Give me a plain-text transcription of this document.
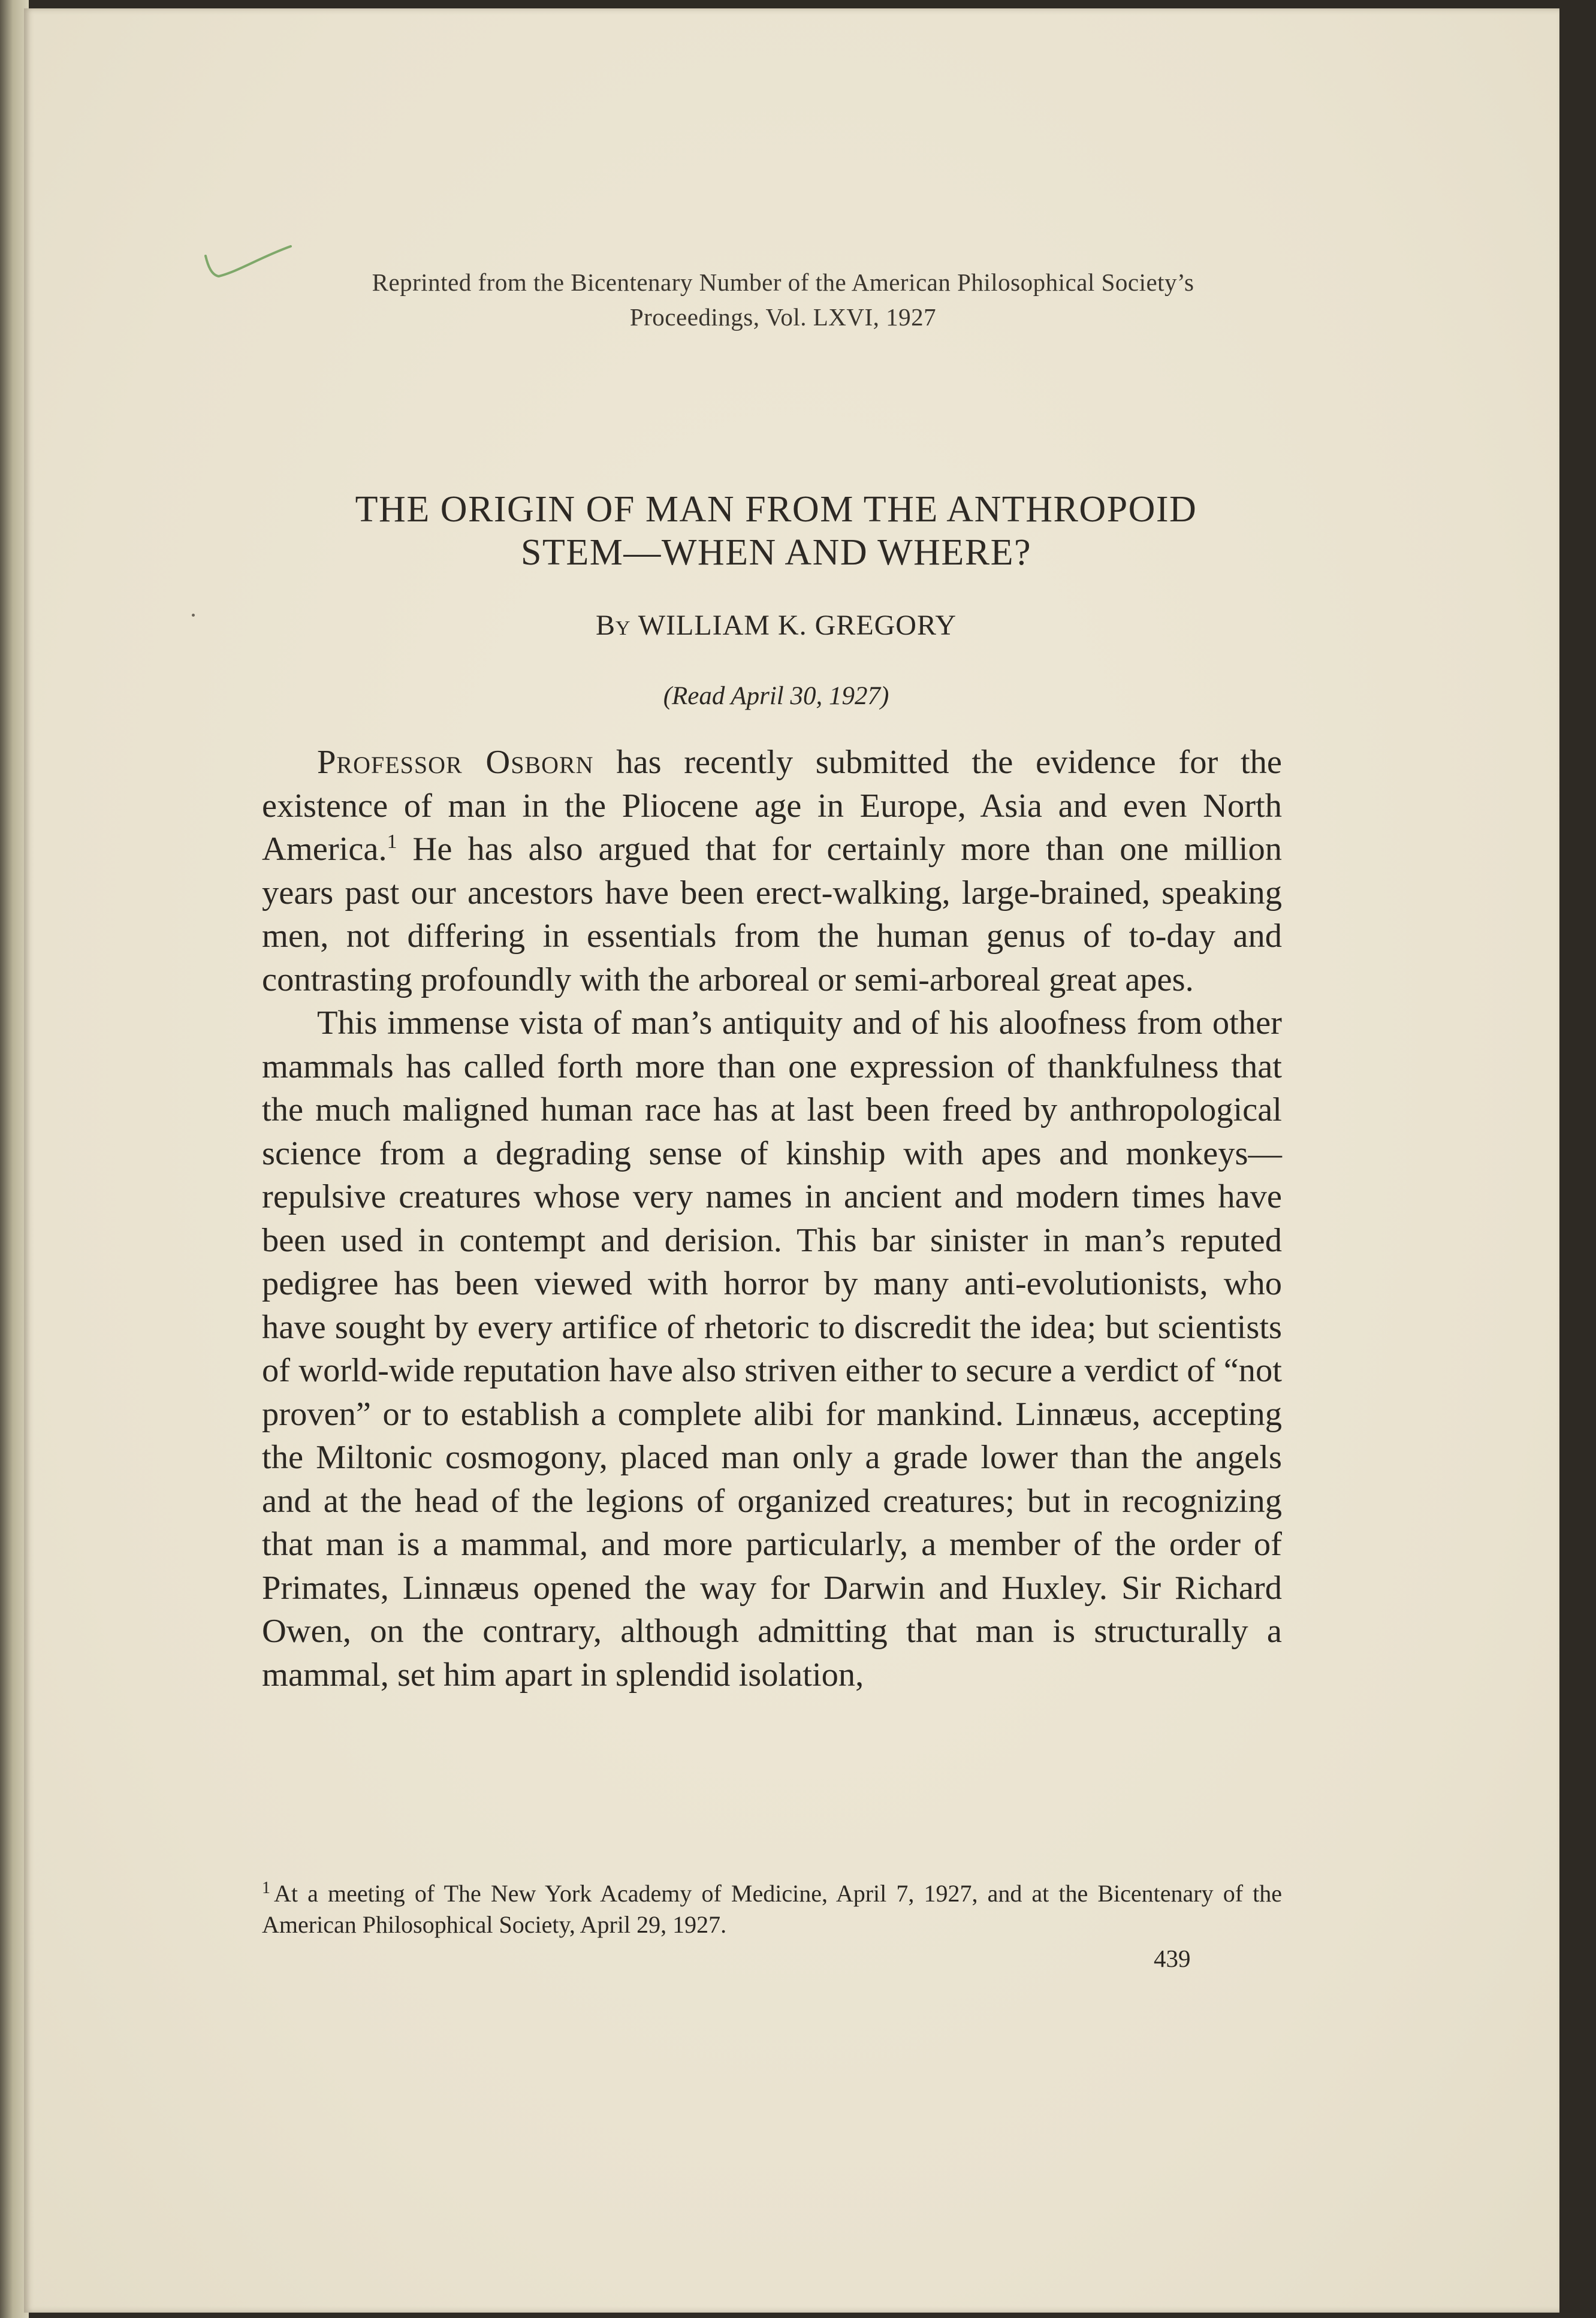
Reprinted from the Bicentenary Number of the American Philosophical Society’s
Proceedings, Vol. LXVI, 1927
THE ORIGIN OF MAN FROM THE ANTHROPOID
STEM—WHEN AND WHERE?
By WILLIAM K. GREGORY
(Read April 30, 1927)

Professor Osborn has recently submitted the evidence for the existence of man in the Pliocene age in Europe, Asia and even North America.$^1$ He has also argued that for certainly more than one million years past our ancestors have been erect-walking, large-brained, speaking men, not differing in essentials from the human genus of to-day and contrasting profoundly with the arboreal or semi-arboreal great apes.

This immense vista of man’s antiquity and of his aloofness from other mammals has called forth more than one expression of thankfulness that the much maligned human race has at last been freed by anthropological science from a degrading sense of kinship with apes and monkeys—repulsive creatures whose very names in ancient and modern times have been used in contempt and derision. This bar sinister in man’s reputed pedigree has been viewed with horror by many anti-evolutionists, who have sought by every artifice of rhetoric to discredit the idea; but scientists of world-wide reputation have also striven either to secure a verdict of “not proven” or to establish a complete alibi for mankind. Linnæus, accepting the Miltonic cosmogony, placed man only a grade lower than the angels and at the head of the legions of organized creatures; but in recognizing that man is a mammal, and more particularly, a member of the order of Primates, Linnæus opened the way for Darwin and Huxley. Sir Richard Owen, on the contrary, although admitting that man is structurally a mammal, set him apart in splendid isolation,

$^1$ At a meeting of The New York Academy of Medicine, April 7, 1927, and at the Bicentenary of the American Philosophical Society, April 29, 1927.

439
